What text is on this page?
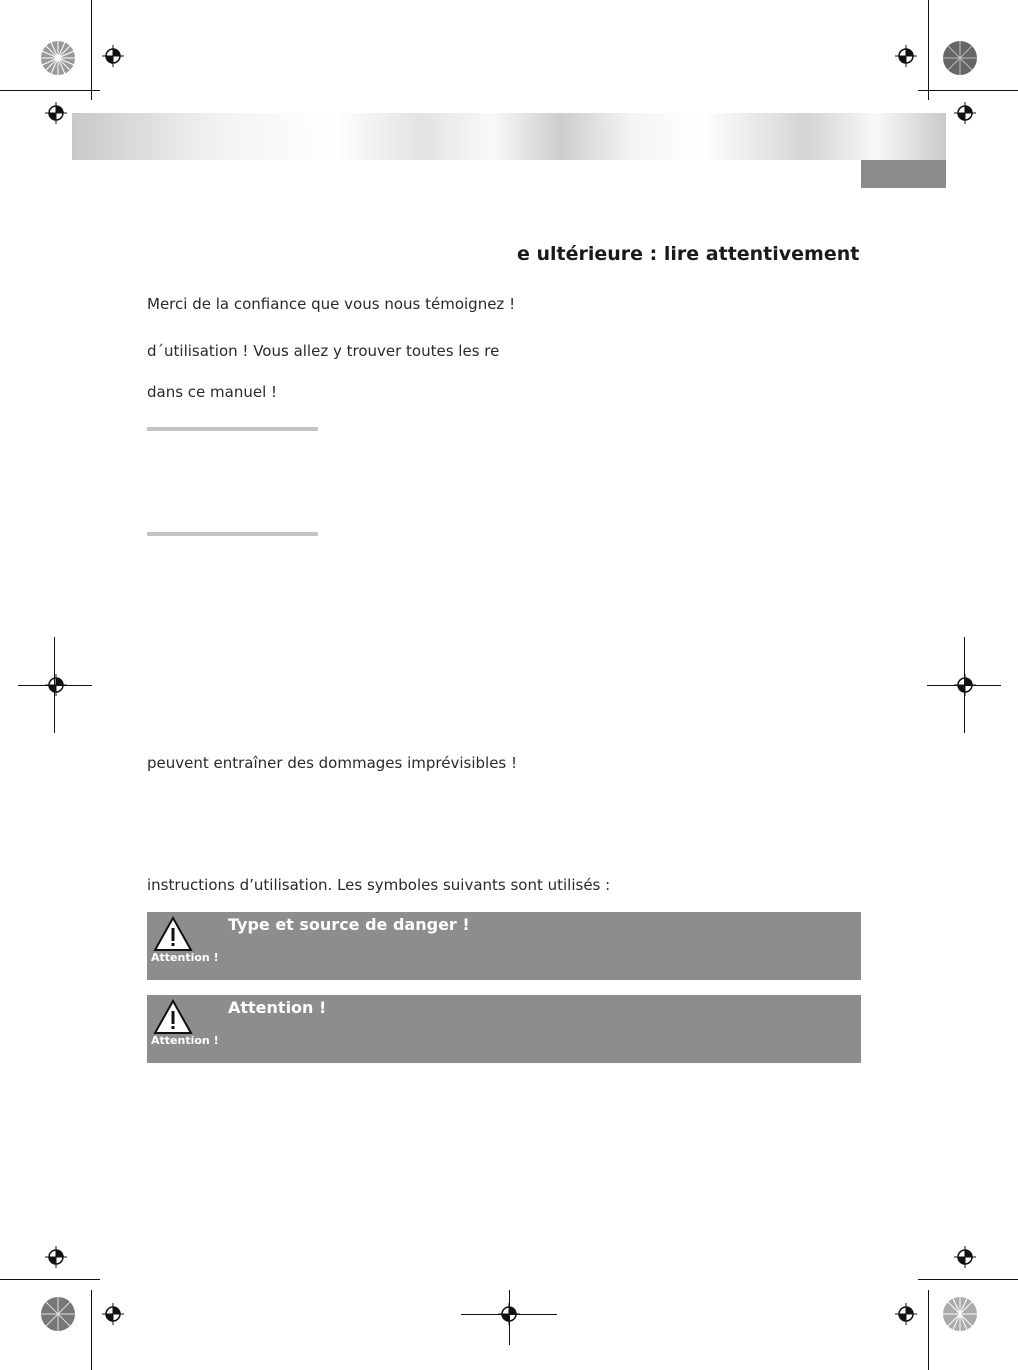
e ultérieure : lire attentivement
Merci de la confiance que vous nous témoignez !
d´utilisation ! Vous allez y trouver toutes les re
dans ce manuel !
peuvent entraîner des dommages imprévisibles !
instructions d’utilisation. Les symboles suivants sont utilisés :
Attention !
Type et source de danger !
Attention !
Attention !
